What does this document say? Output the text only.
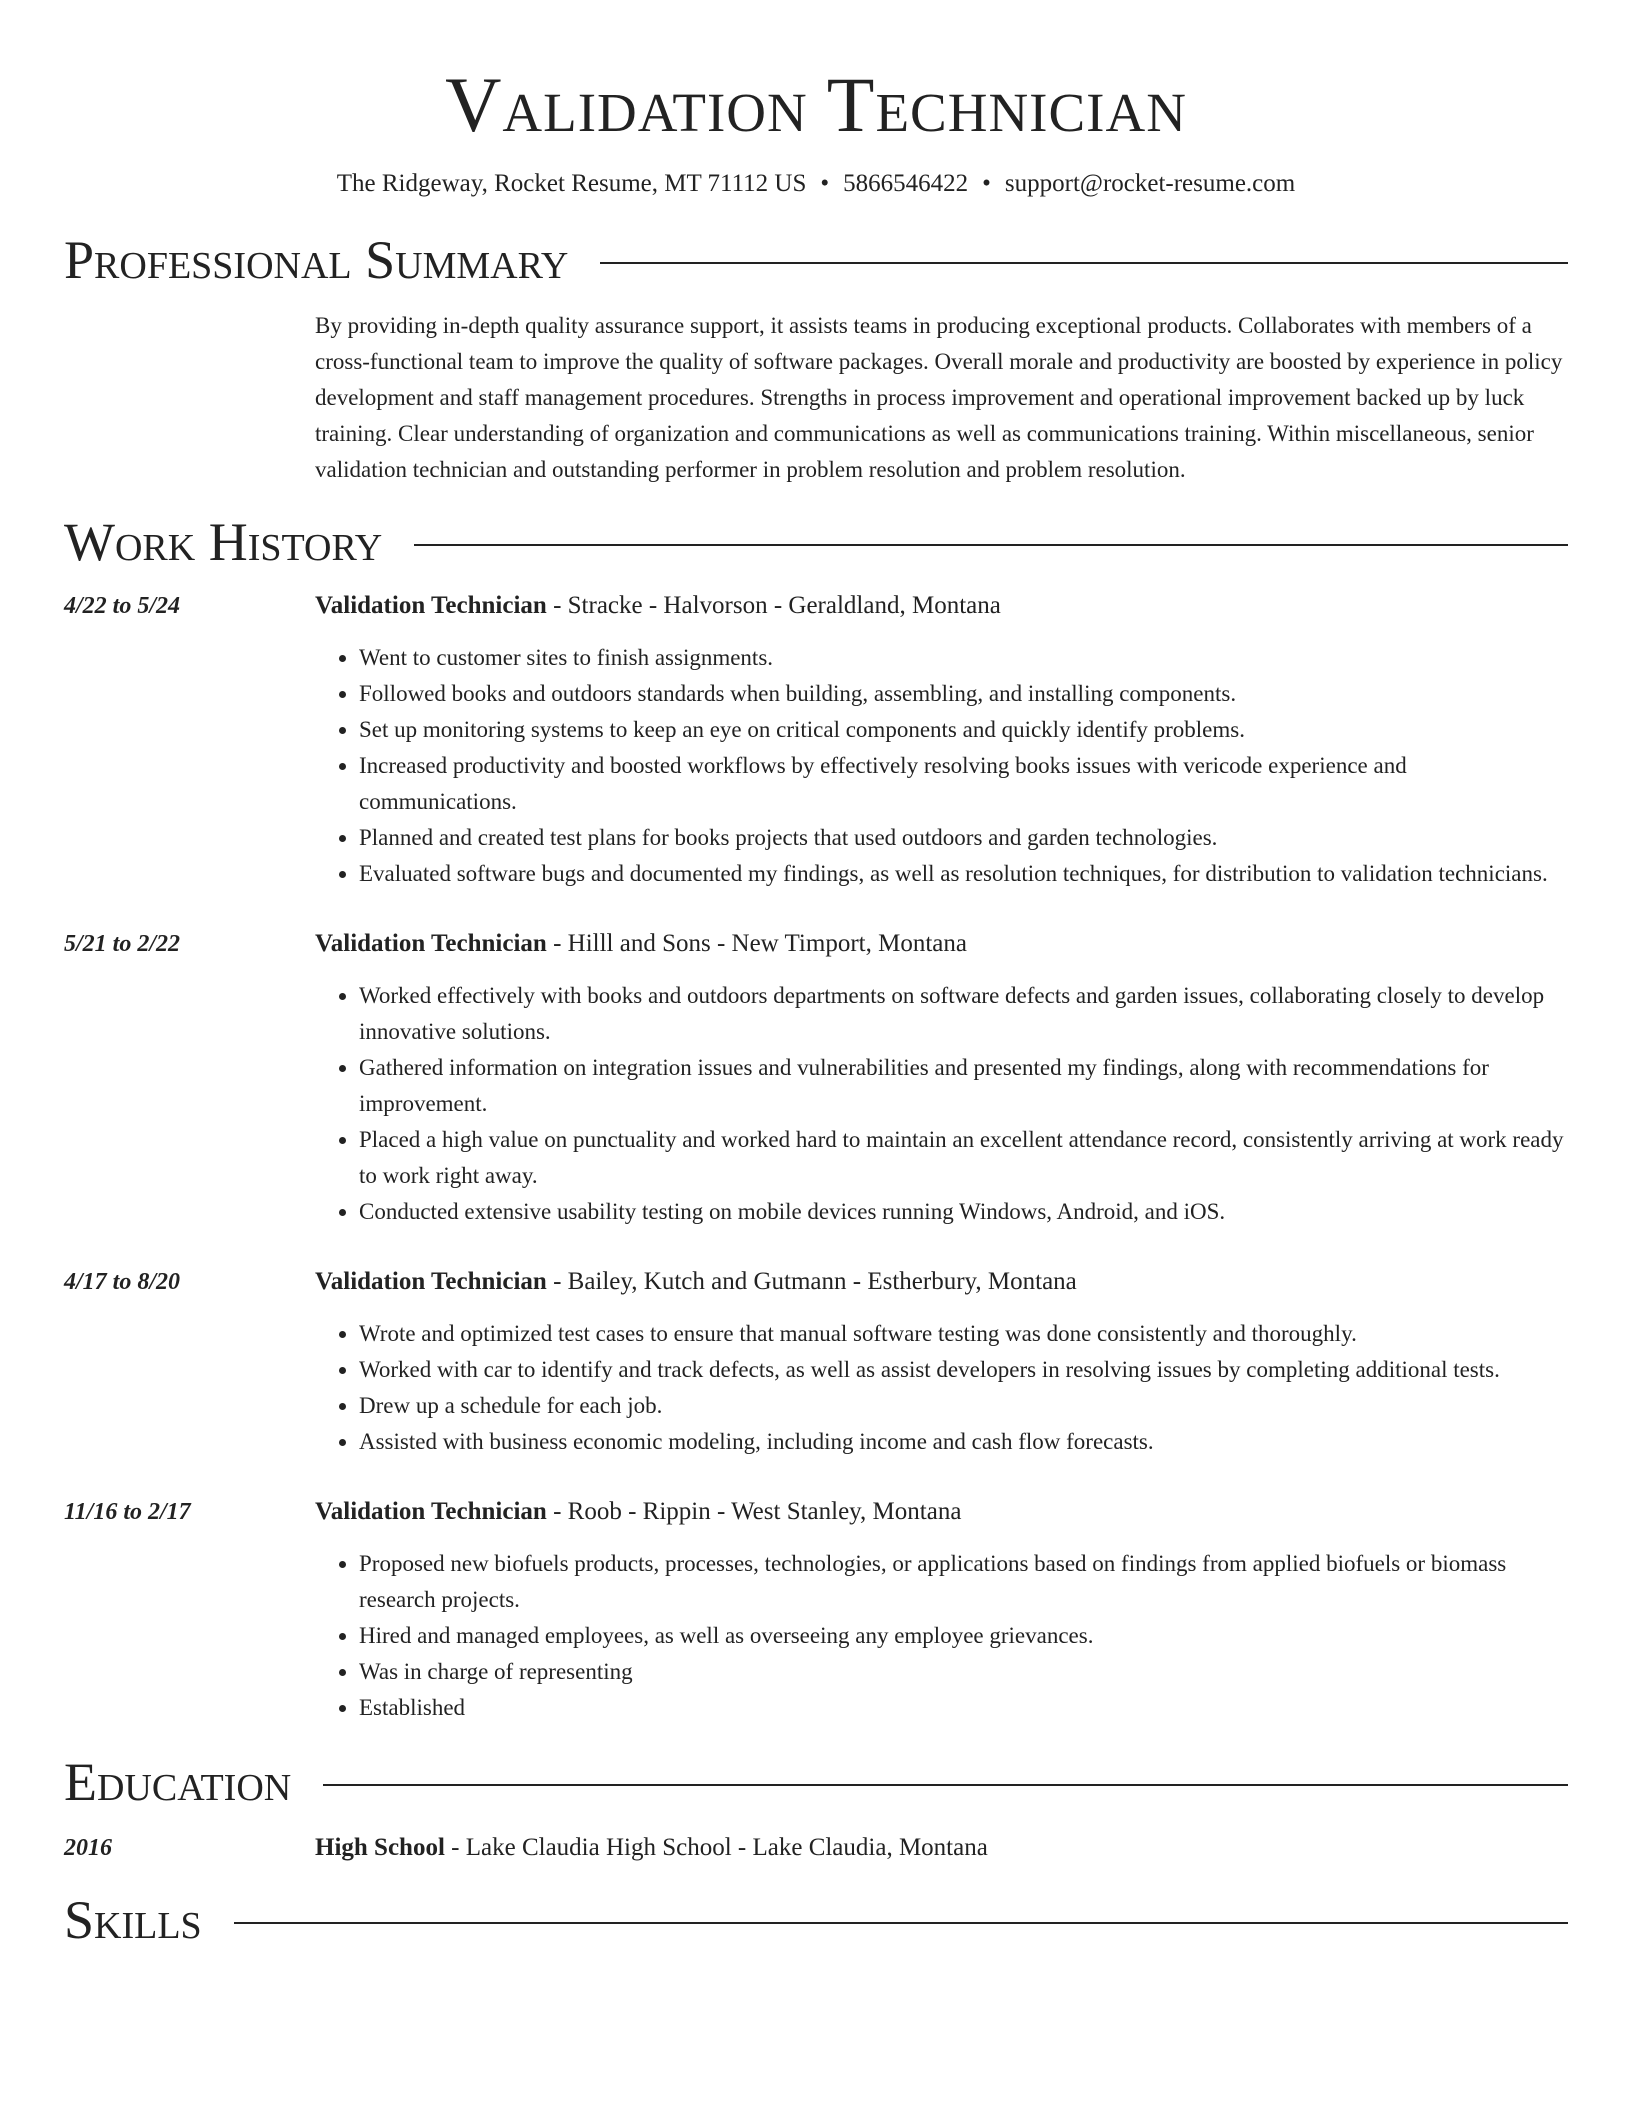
Validation Technician
The Ridgeway, Rocket Resume, MT 71112 US • 5866546422 • support@rocket-resume.com
Professional Summary

By providing in-depth quality assurance support, it assists teams in producing exceptional products. Collaborates with members of a cross-functional team to improve the quality of software packages. Overall morale and productivity are boosted by experience in policy development and staff management procedures. Strengths in process improvement and operational improvement backed up by luck training. Clear understanding of organization and communications as well as communications training. Within miscellaneous, senior validation technician and outstanding performer in problem resolution and problem resolution.

Work History
4/22 to 5/24	Validation Technician - Stracke - Halvorson - Geraldland, Montana
• Went to customer sites to finish assignments.
• Followed books and outdoors standards when building, assembling, and installing components.
• Set up monitoring systems to keep an eye on critical components and quickly identify problems.
• Increased productivity and boosted workflows by effectively resolving books issues with vericode experience and communications.
• Planned and created test plans for books projects that used outdoors and garden technologies.
• Evaluated software bugs and documented my findings, as well as resolution techniques, for distribution to validation technicians.
5/21 to 2/22	Validation Technician - Hilll and Sons - New Timport, Montana
• Worked effectively with books and outdoors departments on software defects and garden issues, collaborating closely to develop innovative solutions.
• Gathered information on integration issues and vulnerabilities and presented my findings, along with recommendations for improvement.
• Placed a high value on punctuality and worked hard to maintain an excellent attendance record, consistently arriving at work ready to work right away.
• Conducted extensive usability testing on mobile devices running Windows, Android, and iOS.
4/17 to 8/20	Validation Technician - Bailey, Kutch and Gutmann - Estherbury, Montana
• Wrote and optimized test cases to ensure that manual software testing was done consistently and thoroughly.
• Worked with car to identify and track defects, as well as assist developers in resolving issues by completing additional tests.
• Drew up a schedule for each job.
• Assisted with business economic modeling, including income and cash flow forecasts.
11/16 to 2/17	Validation Technician - Roob - Rippin - West Stanley, Montana
• Proposed new biofuels products, processes, technologies, or applications based on findings from applied biofuels or biomass research projects.
• Hired and managed employees, as well as overseeing any employee grievances.
• Was in charge of representing
• Established
Education
2016	High School - Lake Claudia High School - Lake Claudia, Montana
Skills
